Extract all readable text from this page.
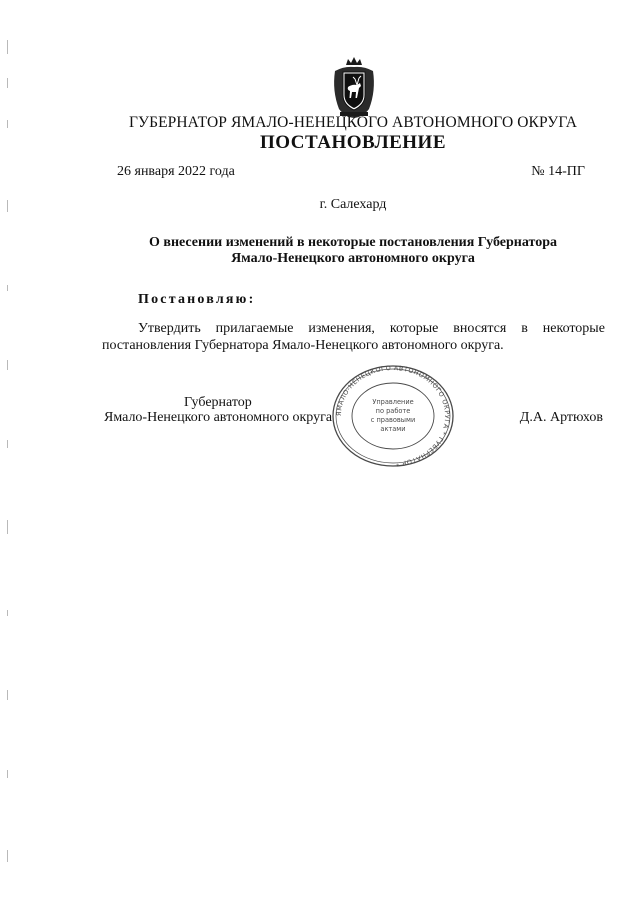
ГУБЕРНАТОР ЯМАЛО-НЕНЕЦКОГО АВТОНОМНОГО ОКРУГА
ПОСТАНОВЛЕНИЕ
26 января 2022 года	№ 14-ПГ
г. Салехард
О внесении изменений в некоторые постановления Губернатора
Ямало-Ненецкого автономного округа
Постановляю:
Утвердить прилагаемые изменения, которые вносятся в некоторые
постановления Губернатора Ямало-Ненецкого автономного округа.
Губернатор
Ямало-Ненецкого автономного округа	Д.А. Артюхов
ЯМАЛО-НЕНЕЦКОГО АВТОНОМНОГО ОКРУГА * ГУБЕРНАТОР *
Управление
по работе
с правовыми
актами
